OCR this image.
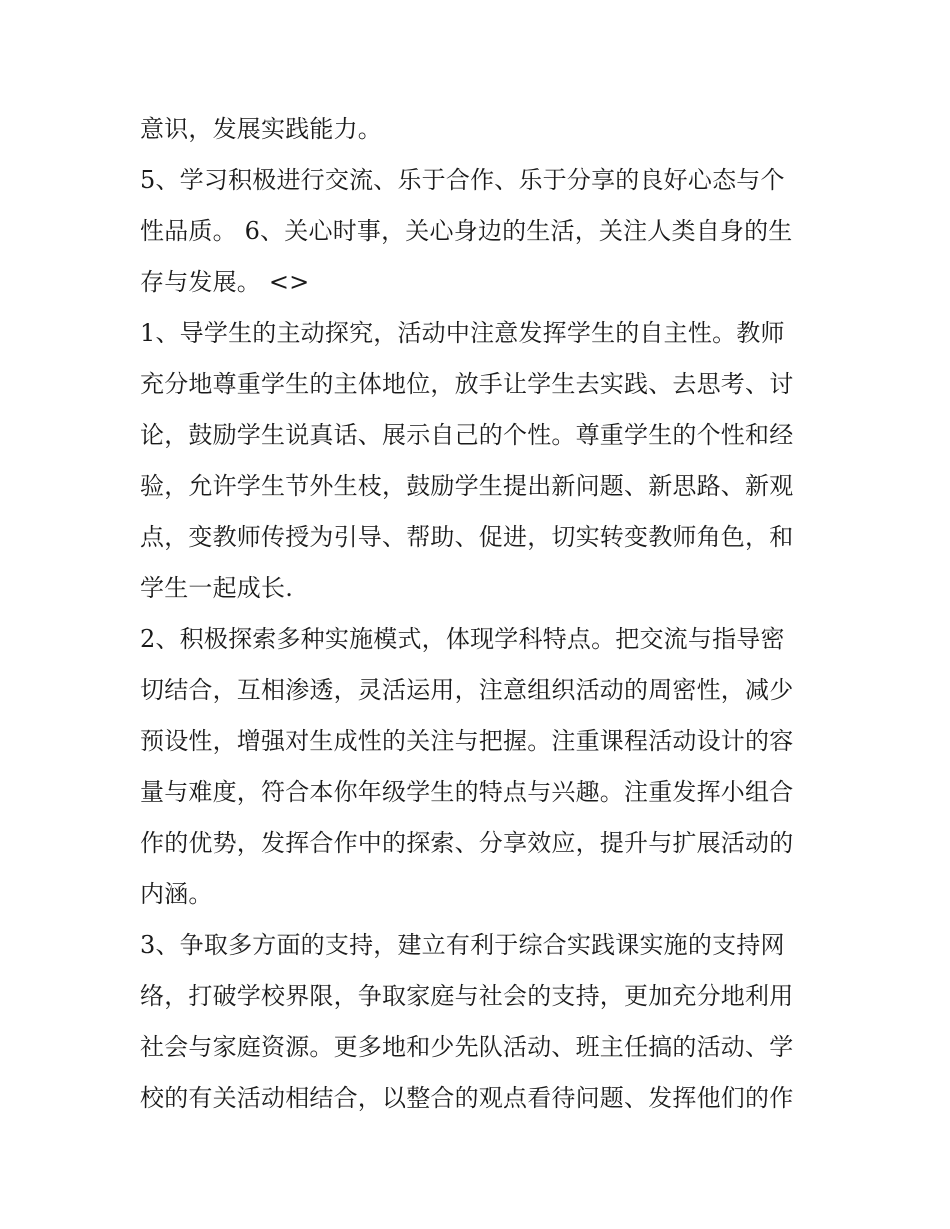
意识，发展实践能力。
5、学习积极进行交流、乐于合作、乐于分享的良好心态与个
性品质。 6、关心时事，关心身边的生活，关注人类自身的生
存与发展。 <>
1、导学生的主动探究，活动中注意发挥学生的自主性。教师
充分地尊重学生的主体地位，放手让学生去实践、去思考、讨
论，鼓励学生说真话、展示自己的个性。尊重学生的个性和经
验，允许学生节外生枝，鼓励学生提出新问题、新思路、新观
点，变教师传授为引导、帮助、促进，切实转变教师角色，和
学生一起成长.
2、积极探索多种实施模式，体现学科特点。把交流与指导密
切结合，互相渗透，灵活运用，注意组织活动的周密性，减少
预设性，增强对生成性的关注与把握。注重课程活动设计的容
量与难度，符合本你年级学生的特点与兴趣。注重发挥小组合
作的优势，发挥合作中的探索、分享效应，提升与扩展活动的
内涵。
3、争取多方面的支持，建立有利于综合实践课实施的支持网
络，打破学校界限，争取家庭与社会的支持，更加充分地利用
社会与家庭资源。更多地和少先队活动、班主任搞的活动、学
校的有关活动相结合，以整合的观点看待问题、发挥他们的作
